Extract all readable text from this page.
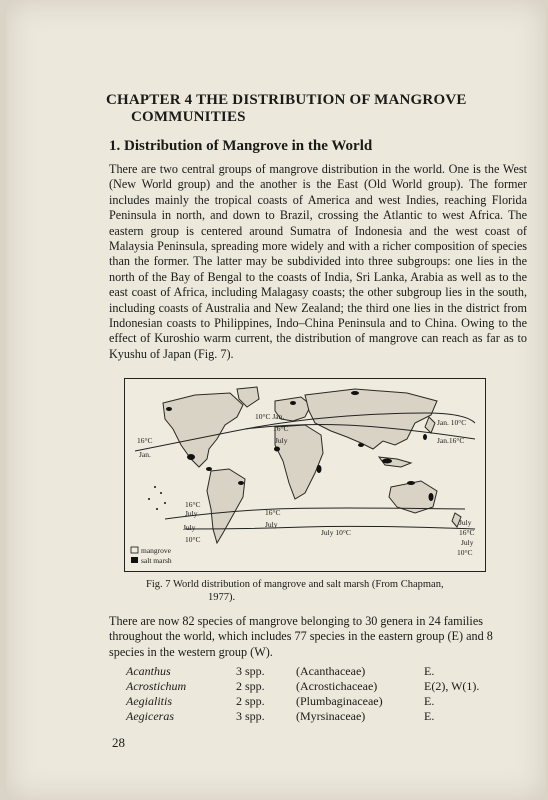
CHAPTER 4 THE DISTRIBUTION OF MANGROVE
COMMUNITIES
1. Distribution of Mangrove in the World
There are two central groups of mangrove distribution in the world. One is the West (New World group) and the another is the East (Old World group). The former includes mainly the tropical coasts of America and west Indies, reaching Florida Peninsula in north, and down to Brazil, crossing the Atlantic to west Africa. The eastern group is centered around Sumatra of Indonesia and the west coast of Malaysia Peninsula, spreading more widely and with a richer composition of species than the former. The latter may be subdivided into three subgroups: one lies in the north of the Bay of Bengal to the coasts of India, Sri Lanka, Arabia as well as to the east coast of Africa, including Malagasy coasts; the other subgroup lies in the south, including coasts of Australia and New Zealand; the third one lies in the district from Indonesian coasts to Philippines, Indo–China Peninsula and to China. Owing to the effect of Kuroshio warm current, the distribution of mangrove can reach as far as to Kyushu of Japan (Fig. 7).
10°C Jan.
16°C
July
16°C
Jan.
Jan. 10°C
Jan.16°C
16°C
July
July
10°C
16°C
July
July 10°C
July
16°C
July
10°C
mangrove
salt marsh
Fig. 7 World distribution of mangrove and salt marsh (From Chapman,
1977).
There are now 82 species of mangrove belonging to 30 genera in 24 families throughout the world, which includes 77 species in the eastern group (E) and 8 species in the western group (W).
Acanthus	3 spp.	(Acanthaceae)	E.
Acrostichum	2 spp.	(Acrostichaceae)	E(2), W(1).
Aegialitis	2 spp.	(Plumbaginaceae)	E.
Aegiceras	3 spp.	(Myrsinaceae)	E.
28
